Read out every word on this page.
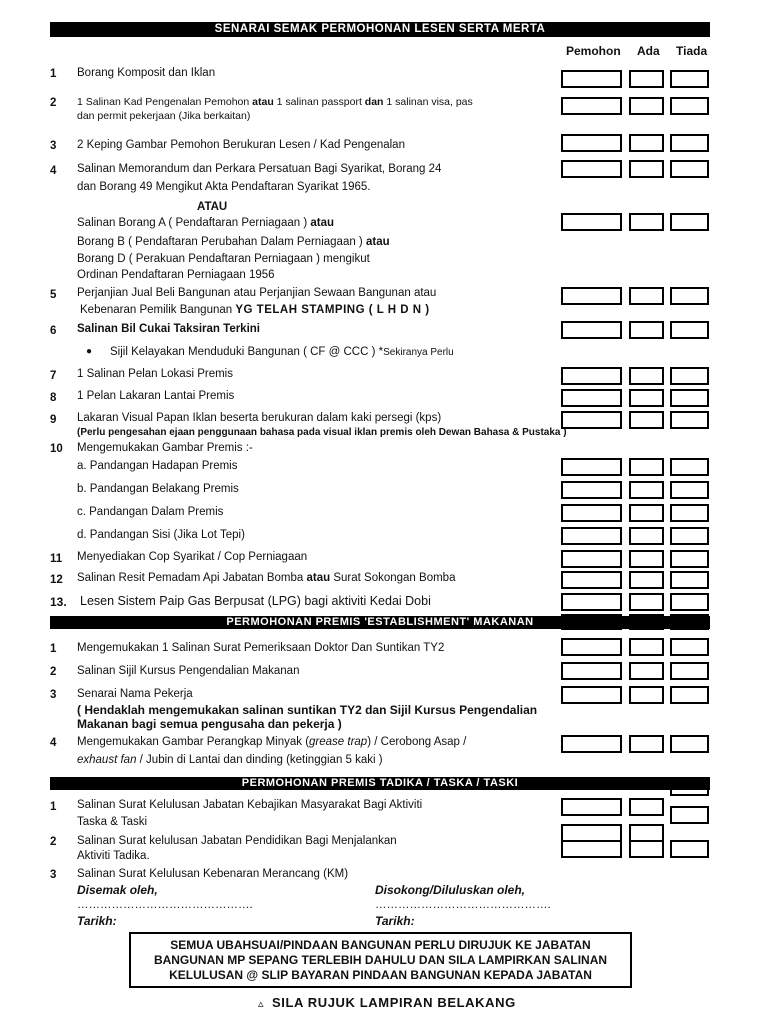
SENARAI SEMAK PERMOHONAN LESEN SERTA MERTA
Pemohon Ada Tiada
1 Borang Komposit dan Iklan
2 1 Salinan Kad Pengenalan Pemohon atau 1 salinan passport dan 1 salinan visa, pas
dan permit pekerjaan (Jika berkaitan)
3 2 Keping Gambar Pemohon Berukuran Lesen / Kad Pengenalan
4 Salinan Memorandum dan Perkara Persatuan Bagi Syarikat, Borang 24
dan Borang 49 Mengikut Akta Pendaftaran Syarikat 1965.
ATAU
Salinan Borang A ( Pendaftaran Perniagaan ) atau
Borang B ( Pendaftaran Perubahan Dalam Perniagaan ) atau
Borang D ( Perakuan Pendaftaran Perniagaan ) mengikut
Ordinan Pendaftaran Perniagaan 1956
5 Perjanjian Jual Beli Bangunan atau Perjanjian Sewaan Bangunan atau
Kebenaran Pemilik Bangunan YG TELAH STAMPING ( L H D N )
6 Salinan Bil Cukai Taksiran Terkini
● Sijil Kelayakan Menduduki Bangunan ( CF @ CCC ) *Sekiranya Perlu
7 1 Salinan Pelan Lokasi Premis
8 1 Pelan Lakaran Lantai Premis
9 Lakaran Visual Papan Iklan beserta berukuran dalam kaki persegi (kps)
(Perlu pengesahan ejaan penggunaan bahasa pada visual iklan premis oleh Dewan Bahasa & Pustaka )
10 Mengemukakan Gambar Premis :-
a. Pandangan Hadapan Premis
b. Pandangan Belakang Premis
c. Pandangan Dalam Premis
d. Pandangan Sisi (Jika Lot Tepi)
11 Menyediakan Cop Syarikat / Cop Perniagaan
12 Salinan Resit Pemadam Api Jabatan Bomba atau Surat Sokongan Bomba
13. Lesen Sistem Paip Gas Berpusat (LPG) bagi aktiviti Kedai Dobi
PERMOHONAN PREMIS 'ESTABLISHMENT' MAKANAN
1 Mengemukakan 1 Salinan Surat Pemeriksaan Doktor Dan Suntikan TY2
2 Salinan Sijil Kursus Pengendalian Makanan
3 Senarai Nama Pekerja
( Hendaklah mengemukakan salinan suntikan TY2 dan Sijil Kursus Pengendalian
Makanan bagi semua pengusaha dan pekerja )
4 Mengemukakan Gambar Perangkap Minyak (grease trap) / Cerobong Asap /
exhaust fan / Jubin di Lantai dan dinding (ketinggian 5 kaki )
PERMOHONAN PREMIS TADIKA / TASKA / TASKI
1 Salinan Surat Kelulusan Jabatan Kebajikan Masyarakat Bagi Aktiviti
Taska & Taski
2 Salinan Surat kelulusan Jabatan Pendidikan Bagi Menjalankan
Aktiviti Tadika.
3 Salinan Surat Kelulusan Kebenaran Merancang (KM)
Disemak oleh,
……………………………………….
Tarikh:
Disokong/Diluluskan oleh,
……………………………………….
Tarikh:
SEMUA UBAHSUAI/PINDAAN BANGUNAN PERLU DIRUJUK KE JABATAN
BANGUNAN MP SEPANG TERLEBIH DAHULU DAN SILA LAMPIRKAN SALINAN
KELULUSAN @ SLIP BAYARAN PINDAAN BANGUNAN KEPADA JABATAN
▵ SILA RUJUK LAMPIRAN BELAKANG
